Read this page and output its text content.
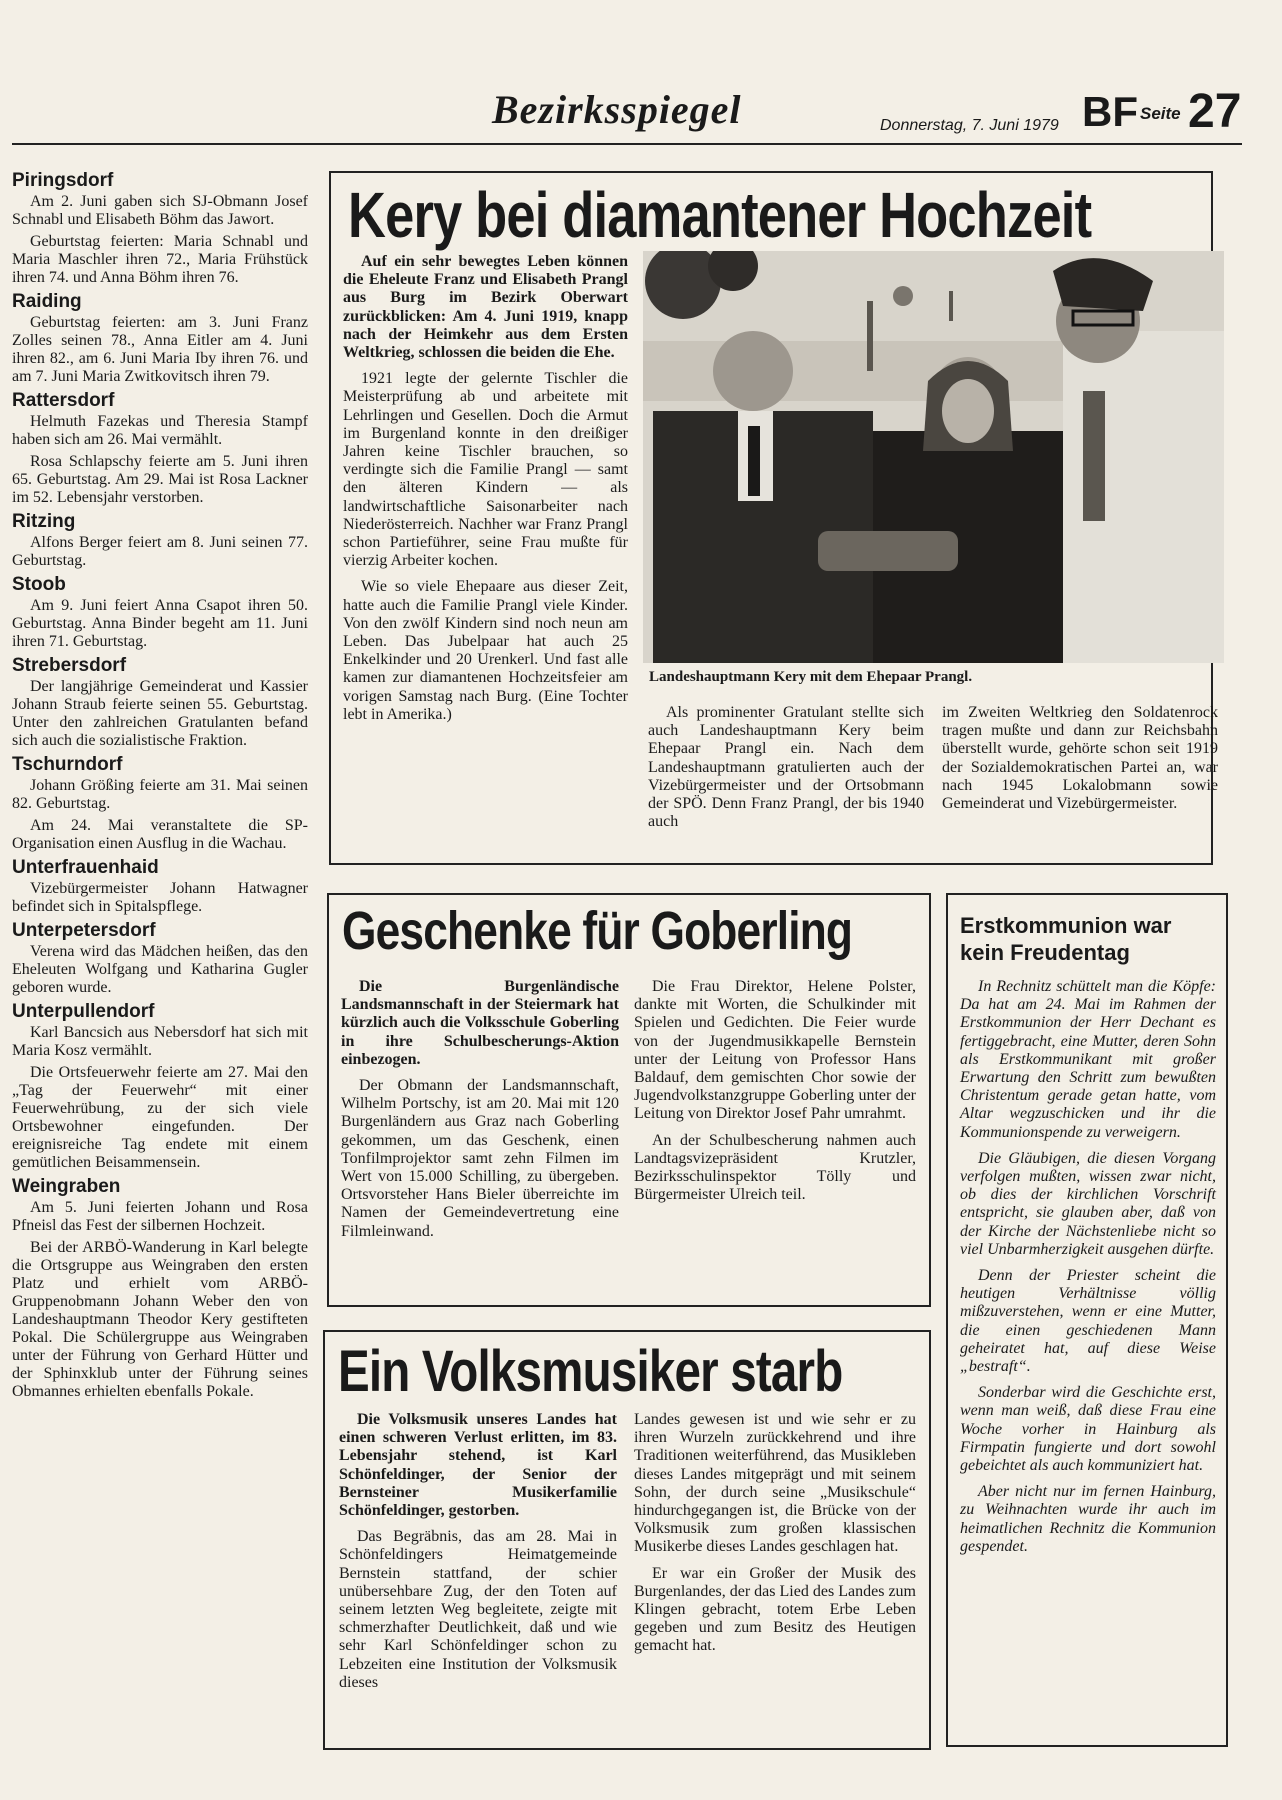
Bezirksspiegel	Donnerstag, 7. Juni 1979 BF Seite 27
Piringsdorf

Am 2. Juni gaben sich SJ-Obmann Josef Schnabl und Elisabeth Böhm das Jawort.

Geburtstag feierten: Maria Schnabl und Maria Maschler ihren 72., Maria Frühstück ihren 74. und Anna Böhm ihren 76.

Raiding

Geburtstag feierten: am 3. Juni Franz Zolles seinen 78., Anna Eitler am 4. Juni ihren 82., am 6. Juni Maria Iby ihren 76. und am 7. Juni Maria Zwitkovitsch ihren 79.

Rattersdorf

Helmuth Fazekas und Theresia Stampf haben sich am 26. Mai vermählt.

Rosa Schlapschy feierte am 5. Juni ihren 65. Geburtstag. Am 29. Mai ist Rosa Lackner im 52. Lebensjahr verstorben.

Ritzing

Alfons Berger feiert am 8. Juni seinen 77. Geburtstag.

Stoob

Am 9. Juni feiert Anna Csapot ihren 50. Geburtstag. Anna Binder begeht am 11. Juni ihren 71. Geburtstag.

Strebersdorf

Der langjährige Gemeinderat und Kassier Johann Straub feierte seinen 55. Geburtstag. Unter den zahlreichen Gratulanten befand sich auch die sozialistische Fraktion.

Tschurndorf

Johann Größing feierte am 31. Mai seinen 82. Geburtstag.

Am 24. Mai veranstaltete die SP-Organisation einen Ausflug in die Wachau.

Unterfrauenhaid

Vizebürgermeister Johann Hatwagner befindet sich in Spitalspflege.

Unterpetersdorf

Verena wird das Mädchen heißen, das den Eheleuten Wolfgang und Katharina Gugler geboren wurde.

Unterpullendorf

Karl Bancsich aus Nebersdorf hat sich mit Maria Kosz vermählt.

Die Ortsfeuerwehr feierte am 27. Mai den „Tag der Feuerwehr“ mit einer Feuerwehrübung, zu der sich viele Ortsbewohner eingefunden. Der ereignisreiche Tag endete mit einem gemütlichen Beisammensein.

Weingraben

Am 5. Juni feierten Johann und Rosa Pfneisl das Fest der silbernen Hochzeit.

Bei der ARBÖ-Wanderung in Karl belegte die Ortsgruppe aus Weingraben den ersten Platz und erhielt vom ARBÖ-Gruppenobmann Johann Weber den von Landeshauptmann Theodor Kery gestifteten Pokal. Die Schülergruppe aus Weingraben unter der Führung von Gerhard Hütter und der Sphinxklub unter der Führung seines Obmannes erhielten ebenfalls Pokale.

Kery bei diamantener Hochzeit

Auf ein sehr bewegtes Leben können die Eheleute Franz und Elisabeth Prangl aus Burg im Bezirk Oberwart zurückblicken: Am 4. Juni 1919, knapp nach der Heimkehr aus dem Ersten Weltkrieg, schlossen die beiden die Ehe.

1921 legte der gelernte Tischler die Meisterprüfung ab und arbeitete mit Lehrlingen und Gesellen. Doch die Armut im Burgenland konnte in den dreißiger Jahren keine Tischler brauchen, so verdingte sich die Familie Prangl — samt den älteren Kindern — als landwirtschaftliche Saisonarbeiter nach Niederösterreich. Nachher war Franz Prangl schon Partieführer, seine Frau mußte für vierzig Arbeiter kochen.

Wie so viele Ehepaare aus dieser Zeit, hatte auch die Familie Prangl viele Kinder. Von den zwölf Kindern sind noch neun am Leben. Das Jubelpaar hat auch 25 Enkelkinder und 20 Urenkerl. Und fast alle kamen zur diamantenen Hochzeitsfeier am vorigen Samstag nach Burg. (Eine Tochter lebt in Amerika.)

Landeshauptmann Kery mit dem Ehepaar Prangl.

Als prominenter Gratulant stellte sich auch Landeshauptmann Kery beim Ehepaar Prangl ein. Nach dem Landeshauptmann gratulierten auch der Vizebürgermeister und der Ortsobmann der SPÖ. Denn Franz Prangl, der bis 1940 auch

im Zweiten Weltkrieg den Soldatenrock tragen mußte und dann zur Reichsbahn überstellt wurde, gehörte schon seit 1919 der Sozialdemokratischen Partei an, war nach 1945 Lokalobmann sowie Gemeinderat und Vizebürgermeister.

Geschenke für Goberling

Die Burgenländische Landsmannschaft in der Steiermark hat kürzlich auch die Volksschule Goberling in ihre Schulbescherungs-Aktion einbezogen.

Der Obmann der Landsmannschaft, Wilhelm Portschy, ist am 20. Mai mit 120 Burgenländern aus Graz nach Goberling gekommen, um das Geschenk, einen Tonfilmprojektor samt zehn Filmen im Wert von 15.000 Schilling, zu übergeben. Ortsvorsteher Hans Bieler überreichte im Namen der Gemeindevertretung eine Filmleinwand.

Die Frau Direktor, Helene Polster, dankte mit Worten, die Schulkinder mit Spielen und Gedichten. Die Feier wurde von der Jugendmusikkapelle Bernstein unter der Leitung von Professor Hans Baldauf, dem gemischten Chor sowie der Jugendvolkstanzgruppe Goberling unter der Leitung von Direktor Josef Pahr umrahmt.

An der Schulbescherung nahmen auch Landtagsvizepräsident Krutzler, Bezirksschulinspektor Tölly und Bürgermeister Ulreich teil.

Ein Volksmusiker starb

Die Volksmusik unseres Landes hat einen schweren Verlust erlitten, im 83. Lebensjahr stehend, ist Karl Schönfeldinger, der Senior der Bernsteiner Musikerfamilie Schönfeldinger, gestorben.

Das Begräbnis, das am 28. Mai in Schönfeldingers Heimatgemeinde Bernstein stattfand, der schier unübersehbare Zug, der den Toten auf seinem letzten Weg begleitete, zeigte mit schmerzhafter Deutlichkeit, daß und wie sehr Karl Schönfeldinger schon zu Lebzeiten eine Institution der Volksmusik dieses

Landes gewesen ist und wie sehr er zu ihren Wurzeln zurückkehrend und ihre Traditionen weiterführend, das Musikleben dieses Landes mitgeprägt und mit seinem Sohn, der durch seine „Musikschule“ hindurchgegangen ist, die Brücke von der Volksmusik zum großen klassischen Musikerbe dieses Landes geschlagen hat.

Er war ein Großer der Musik des Burgenlandes, der das Lied des Landes zum Klingen gebracht, totem Erbe Leben gegeben und zum Besitz des Heutigen gemacht hat.

Erstkommunion war kein Freudentag

In Rechnitz schüttelt man die Köpfe: Da hat am 24. Mai im Rahmen der Erstkommunion der Herr Dechant es fertiggebracht, eine Mutter, deren Sohn als Erstkommunikant mit großer Erwartung den Schritt zum bewußten Christentum gerade getan hatte, vom Altar wegzuschicken und ihr die Kommunionspende zu verweigern.

Die Gläubigen, die diesen Vorgang verfolgen mußten, wissen zwar nicht, ob dies der kirchlichen Vorschrift entspricht, sie glauben aber, daß von der Kirche der Nächstenliebe nicht so viel Unbarmherzigkeit ausgehen dürfte.

Denn der Priester scheint die heutigen Verhältnisse völlig mißzuverstehen, wenn er eine Mutter, die einen geschiedenen Mann geheiratet hat, auf diese Weise „bestraft“.

Sonderbar wird die Geschichte erst, wenn man weiß, daß diese Frau eine Woche vorher in Hainburg als Firmpatin fungierte und dort sowohl gebeichtet als auch kommuniziert hat.

Aber nicht nur im fernen Hainburg, zu Weihnachten wurde ihr auch im heimatlichen Rechnitz die Kommunion gespendet.
